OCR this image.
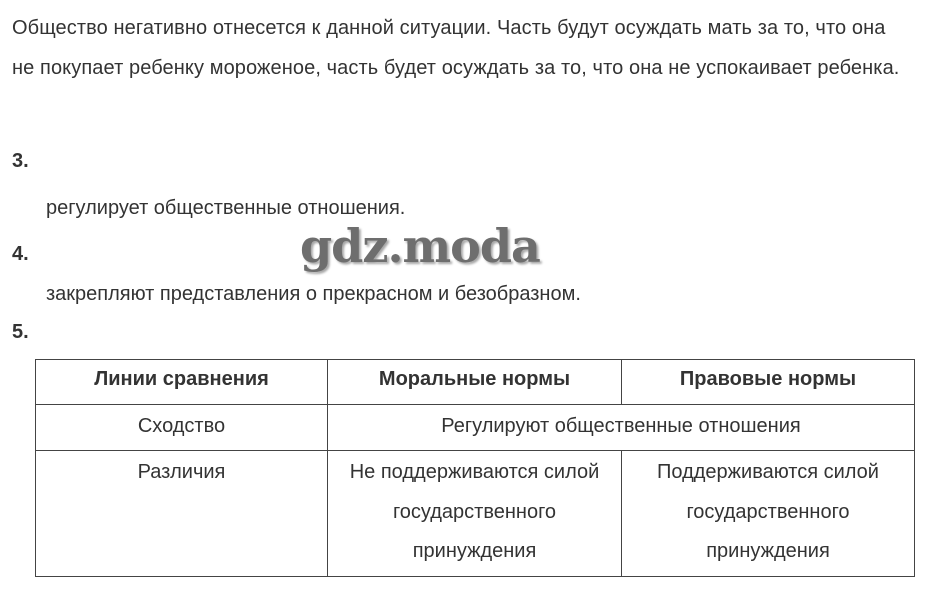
Общество негативно отнесется к данной ситуации. Часть будут осуждать мать за то, что она не покупает ребенку мороженое, часть будет осуждать за то, что она не успокаивает ребенка.

3.
регулирует общественные отношения.
4.
закрепляют представления о прекрасном и безобразном.
5.
gdz.moda
Линии сравнения	Моральные нормы	Правовые нормы
Сходство	Регулируют общественные отношения	
Различия	Не поддерживаются силой государственного принуждения	Поддерживаются силой государственного принуждения
